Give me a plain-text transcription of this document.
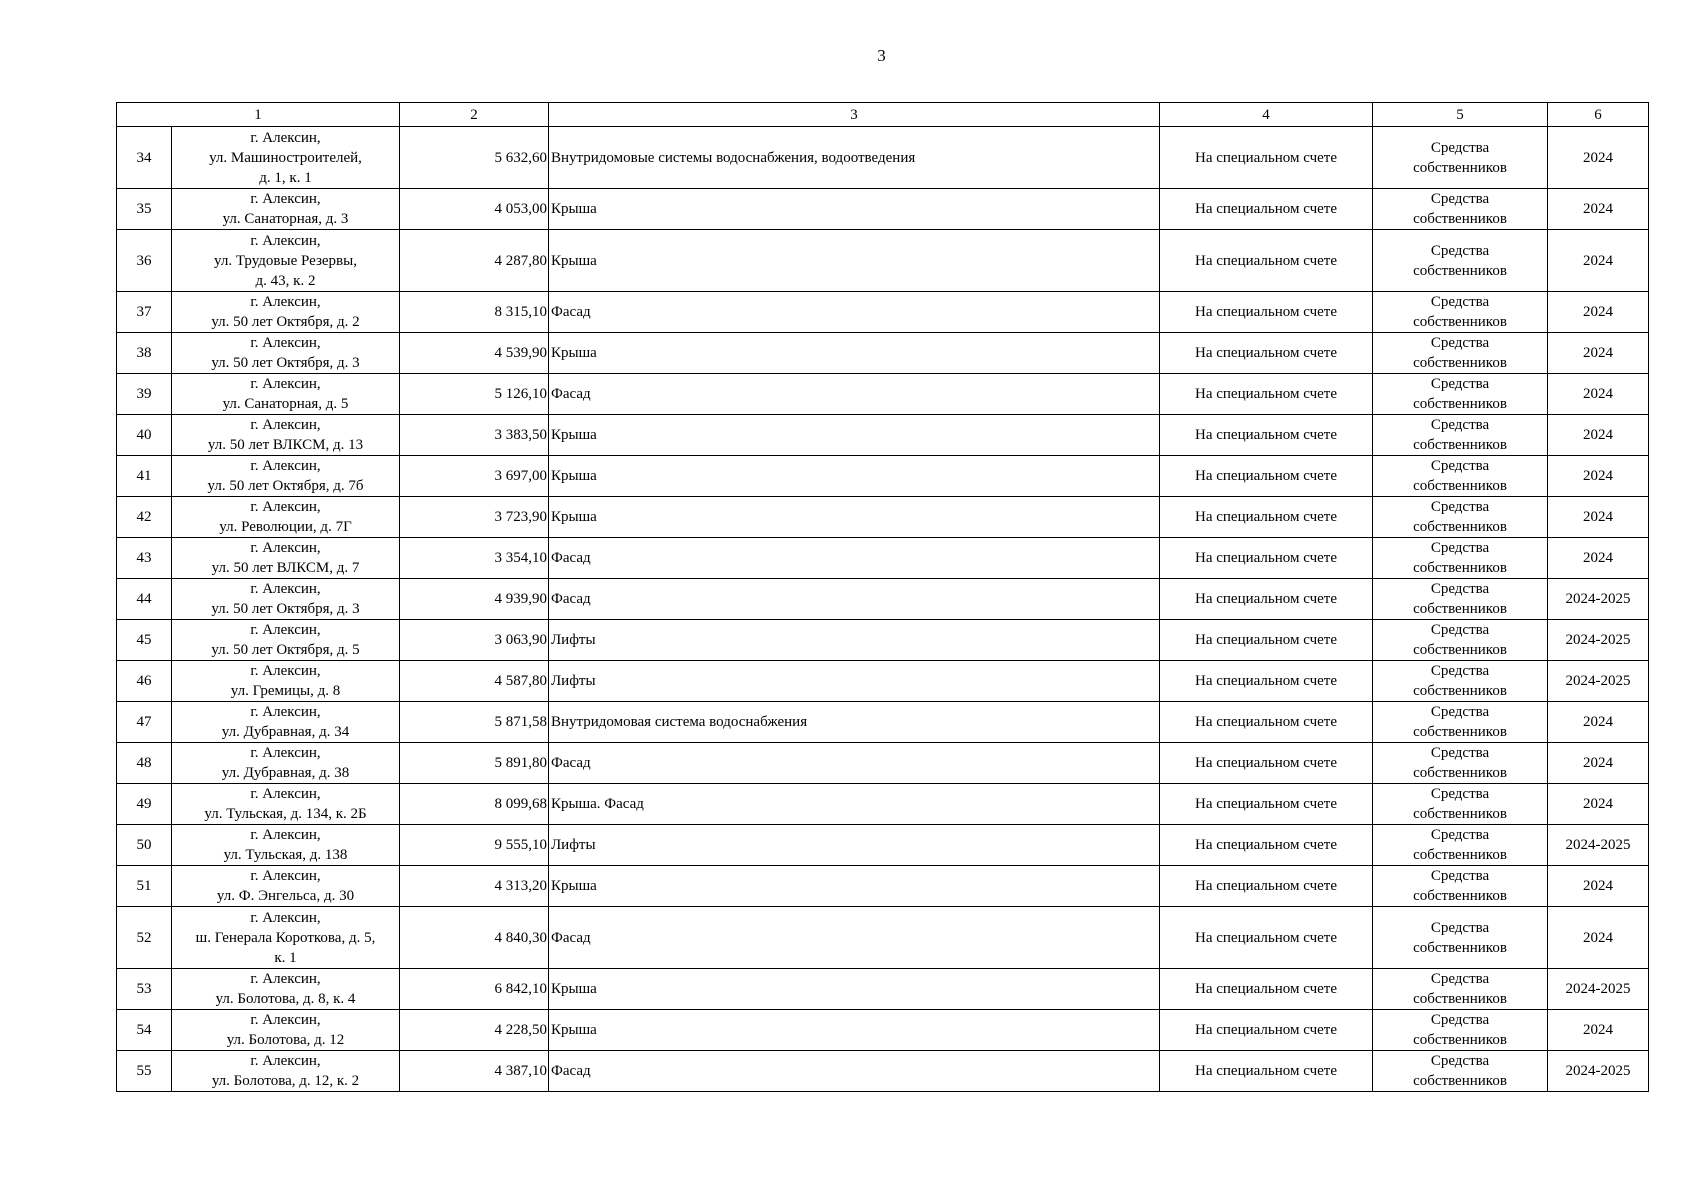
3
1		2	3	4	5	6
34	г. Алексин,
ул. Машиностроителей,
д. 1, к. 1	5 632,60	Внутридомовые системы водоснабжения, водоотведения	На специальном счете	Средства
собственников	2024
35	г. Алексин,
ул. Санаторная, д. 3	4 053,00	Крыша	На специальном счете	Средства
собственников	2024
36	г. Алексин,
ул. Трудовые Резервы,
д. 43, к. 2	4 287,80	Крыша	На специальном счете	Средства
собственников	2024
37	г. Алексин,
ул. 50 лет Октября, д. 2	8 315,10	Фасад	На специальном счете	Средства
собственников	2024
38	г. Алексин,
ул. 50 лет Октября, д. 3	4 539,90	Крыша	На специальном счете	Средства
собственников	2024
39	г. Алексин,
ул. Санаторная, д. 5	5 126,10	Фасад	На специальном счете	Средства
собственников	2024
40	г. Алексин,
ул. 50 лет ВЛКСМ, д. 13	3 383,50	Крыша	На специальном счете	Средства
собственников	2024
41	г. Алексин,
ул. 50 лет Октября, д. 7б	3 697,00	Крыша	На специальном счете	Средства
собственников	2024
42	г. Алексин,
ул. Революции, д. 7Г	3 723,90	Крыша	На специальном счете	Средства
собственников	2024
43	г. Алексин,
ул. 50 лет ВЛКСМ, д. 7	3 354,10	Фасад	На специальном счете	Средства
собственников	2024
44	г. Алексин,
ул. 50 лет Октября, д. 3	4 939,90	Фасад	На специальном счете	Средства
собственников	2024-2025
45	г. Алексин,
ул. 50 лет Октября, д. 5	3 063,90	Лифты	На специальном счете	Средства
собственников	2024-2025
46	г. Алексин,
ул. Гремицы, д. 8	4 587,80	Лифты	На специальном счете	Средства
собственников	2024-2025
47	г. Алексин,
ул. Дубравная, д. 34	5 871,58	Внутридомовая система водоснабжения	На специальном счете	Средства
собственников	2024
48	г. Алексин,
ул. Дубравная, д. 38	5 891,80	Фасад	На специальном счете	Средства
собственников	2024
49	г. Алексин,
ул. Тульская, д. 134, к. 2Б	8 099,68	Крыша. Фасад	На специальном счете	Средства
собственников	2024
50	г. Алексин,
ул. Тульская, д. 138	9 555,10	Лифты	На специальном счете	Средства
собственников	2024-2025
51	г. Алексин,
ул. Ф. Энгельса, д. 30	4 313,20	Крыша	На специальном счете	Средства
собственников	2024
52	г. Алексин,
ш. Генерала Короткова, д. 5,
к. 1	4 840,30	Фасад	На специальном счете	Средства
собственников	2024
53	г. Алексин,
ул. Болотова, д. 8, к. 4	6 842,10	Крыша	На специальном счете	Средства
собственников	2024-2025
54	г. Алексин,
ул. Болотова, д. 12	4 228,50	Крыша	На специальном счете	Средства
собственников	2024
55	г. Алексин,
ул. Болотова, д. 12, к. 2	4 387,10	Фасад	На специальном счете	Средства
собственников	2024-2025
